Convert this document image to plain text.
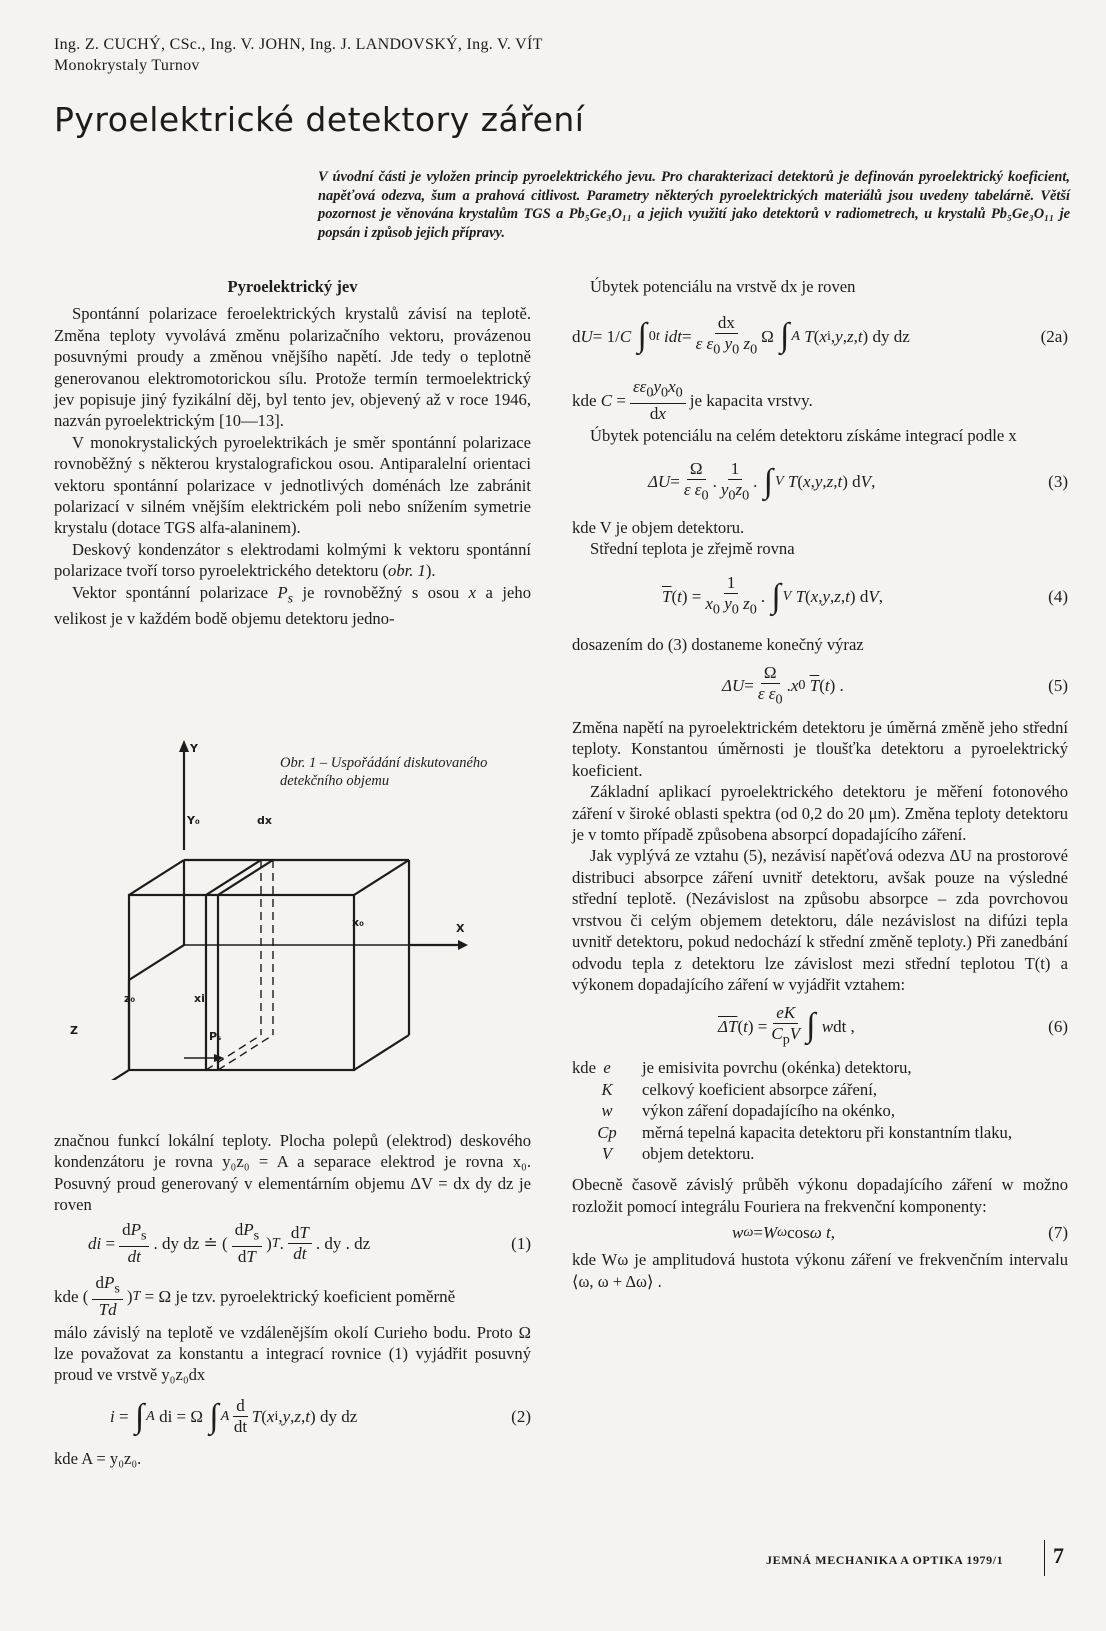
Ing. Z. CUCHÝ, CSc., Ing. V. JOHN, Ing. J. LANDOVSKÝ, Ing. V. VÍT
Monokrystaly Turnov
Pyroelektrické detektory záření
V úvodní části je vyložen princip pyroelektrického jevu. Pro charakterizaci detektorů je definován pyroelektrický koeficient, napěťová odezva, šum a prahová citlivost. Parametry některých pyroelektrických materiálů jsou uvedeny tabelárně. Větší pozornost je věnována krystalům TGS a Pb₅Ge₃O₁₁ a jejich využití jako detektorů v radiometrech, u krystalů Pb₅Ge₃O₁₁ je popsán i způsob jejich přípravy.
Pyroelektrický jev

Spontánní polarizace feroelektrických krystalů závisí na teplotě. Změna teploty vyvolává změnu polarizačního vektoru, provázenou posuvnými proudy a změnou vnějšího napětí. Jde tedy o teplotně generovanou elektromotorickou sílu. Protože termín termoelektrický jev popisuje jiný fyzikální děj, byl tento jev, objevený až v roce 1946, nazván pyroelektrickým [10—13].

V monokrystalických pyroelektrikách je směr spontánní polarizace rovnoběžný s některou krystalografickou osou. Antiparalelní orientaci vektoru spontánní polarizace v jednotlivých doménách lze zabránit polarizací v silném vnějším elektrickém poli nebo snížením symetrie krystalu (dotace TGS alfa-alaninem).

Deskový kondenzátor s elektrodami kolmými k vektoru spontánní polarizace tvoří torso pyroelektrického detektoru (obr. 1).

Vektor spontánní polarizace $P_s$ je rovnoběžný s osou x a jeho velikost je v každém bodě objemu detektoru jedno-

Y
Y₀	dx
x₀	X
z₀	xi
Z	Pₛ
Obr. 1 – Uspořádání diskutovaného
detekčního objemu

značnou funkcí lokální teploty. Plocha polepů (elektrod) deskového kondenzátoru je rovna y₀z₀ = A a separace elektrod je rovna x₀. Posuvný proud generovaný v elementárním objemu ΔV = dx dy dz je roven

di = $\frac{dP_s}{dt}$ . dy dz ≐ ( $\frac{dP_s}{dT}$ ) T . $\frac{dT}{dt}$ . dy . dz	(1)
kde ( $\frac{dP_s}{Td}$ ) T = Ω je tzv. pyroelektrický koeficient poměrně

málo závislý na teplotě ve vzdálenějším okolí Curieho bodu. Proto Ω lze považovat za konstantu a integrací rovnice (1) vyjádřit posuvný proud ve vrstvě y₀z₀dx

i = ∫ A di = Ω ∫ A $\frac{d}{dt}$ T ( x i , y , z , t ) dy dz	(2)

kde A = y₀z₀.

Úbytek potenciálu na vrstvě dx je roven

d U = 1/ C
∫ 0 t
idt = $\frac{dx}{\varepsilon \varepsilon_0 y_0 z_0}$ Ω ∫ A
T ( x i , y , z , t ) dy dz	(2a)
kde $C = \frac{\varepsilon\varepsilon_0y_0x_0}{dx}$ je kapacita vrstvy.

Úbytek potenciálu na celém detektoru získáme integrací podle x

$\Delta U = \frac{\Omega}{\varepsilon \varepsilon_0}$ . $\frac{1}{y_0z_0}$ . ∫ V
T ( x , y , z , t ) d V ,	(3)

kde V je objem detektoru.

Střední teplota je zřejmě rovna

$\overline{T}$ ( t ) = $\frac{1}{x_0 y_0 z_0}$ . ∫ V
T ( x , y , z , t ) d V ,	(4)

dosazením do (3) dostaneme konečný výraz

$\Delta U = \frac{\Omega}{\varepsilon \varepsilon_0}$ . x 0
$\overline{T}$ ( t ) .	(5)

Změna napětí na pyroelektrickém detektoru je úměrná změně jeho střední teploty. Konstantou úměrnosti je tloušťka detektoru a pyroelektrický koeficient.

Základní aplikací pyroelektrického detektoru je měření fotonového záření v široké oblasti spektra (od 0,2 do 20 μm). Změna teploty detektoru je v tomto případě způsobena absorpcí dopadajícího záření.

Jak vyplývá ze vztahu (5), nezávisí napěťová odezva ΔU na prostorové distribuci absorpce záření uvnitř detektoru, avšak pouze na výsledné střední teplotě. (Nezávislost na způsobu absorpce – zda povrchovou vrstvou či celým objemem detektoru, dále nezávislost na difúzi tepla uvnitř detektoru, pokud nedochází k střední změně teploty.) Při zanedbání odvodu tepla z detektoru lze závislost mezi střední teplotou T(t) a výkonem dopadajícího záření w vyjádřit vztahem:

$\overline{\Delta T}$ ( t ) = $\frac{eK}{C_pV}$ ∫
w dt ,	(6)
kde e	je emisivita povrchu (okénka) detektoru,
K	celkový koeficient absorpce záření,
w	výkon záření dopadajícího na okénko,
Cp	měrná tepelná kapacita detektoru při konstantním tlaku,
V	objem detektoru.

Obecně časově závislý průběh výkonu dopadajícího záření w možno rozložit pomocí integrálu Fouriera na frekvenční komponenty:

w ω = W ω cos ω t ,	(7)

kde Wω je amplitudová hustota výkonu záření ve frekvenčním intervalu ⟨ω, ω + Δω⟩ .

JEMNÁ MECHANIKA A OPTIKA 1979/1 7
